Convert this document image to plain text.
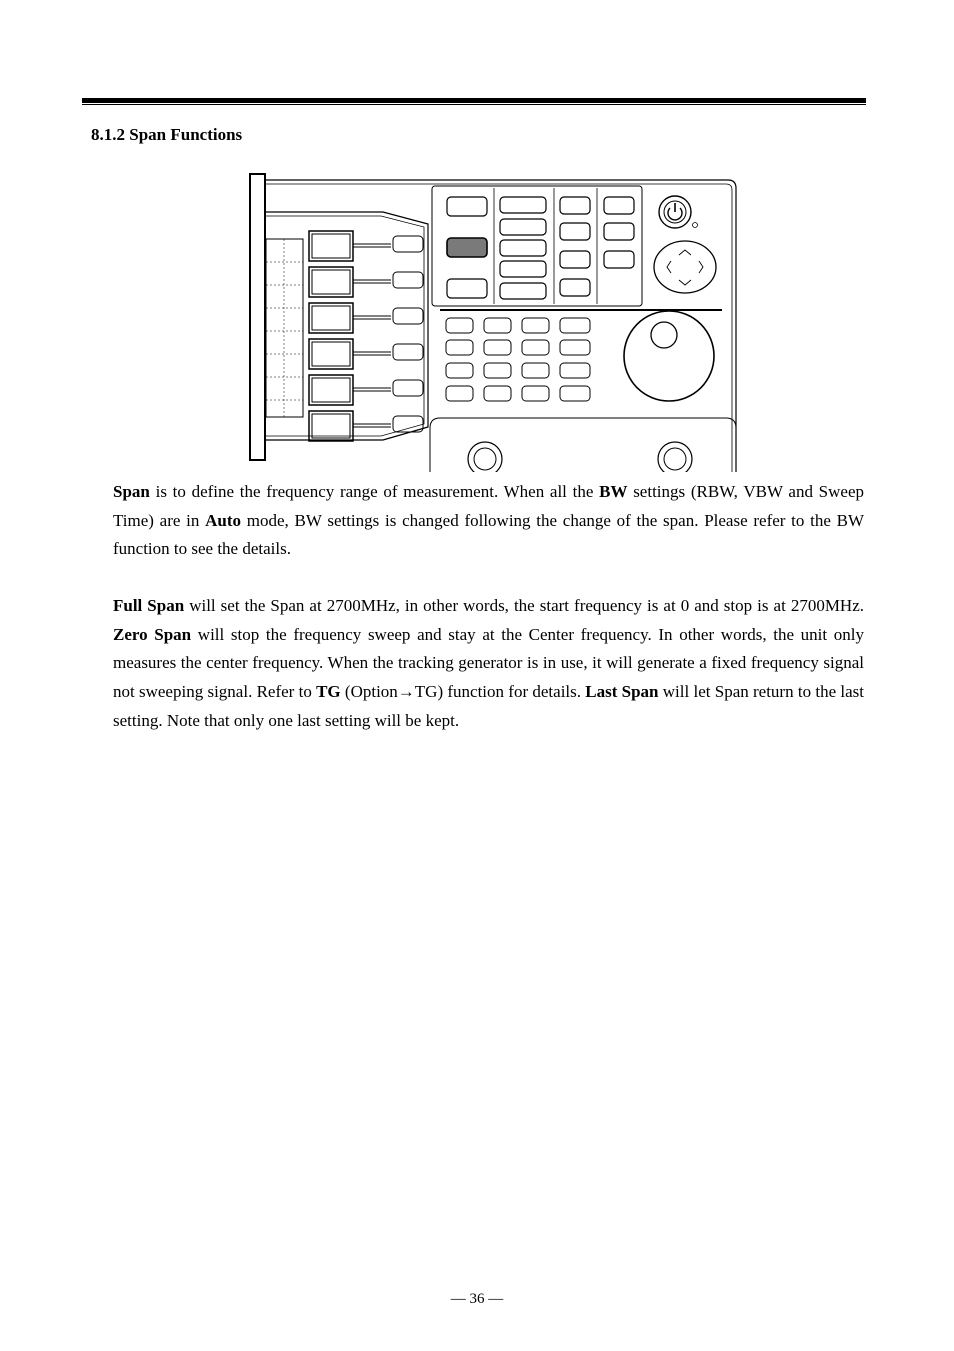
8.1.2 Span Functions

Span is to define the frequency range of measurement. When all the BW settings (RBW, VBW and Sweep Time) are in Auto mode, BW settings is changed following the change of the span. Please refer to the BW function to see the details.

Full Span will set the Span at 2700MHz, in other words, the start frequency is at 0 and stop is at 2700MHz. Zero Span will stop the frequency sweep and stay at the Center frequency. In other words, the unit only measures the center frequency. When the tracking generator is in use, it will generate a fixed frequency signal not sweeping signal. Refer to TG (Option→TG) function for details. Last Span will let Span return to the last setting. Note that only one last setting will be kept.

— 36 —
